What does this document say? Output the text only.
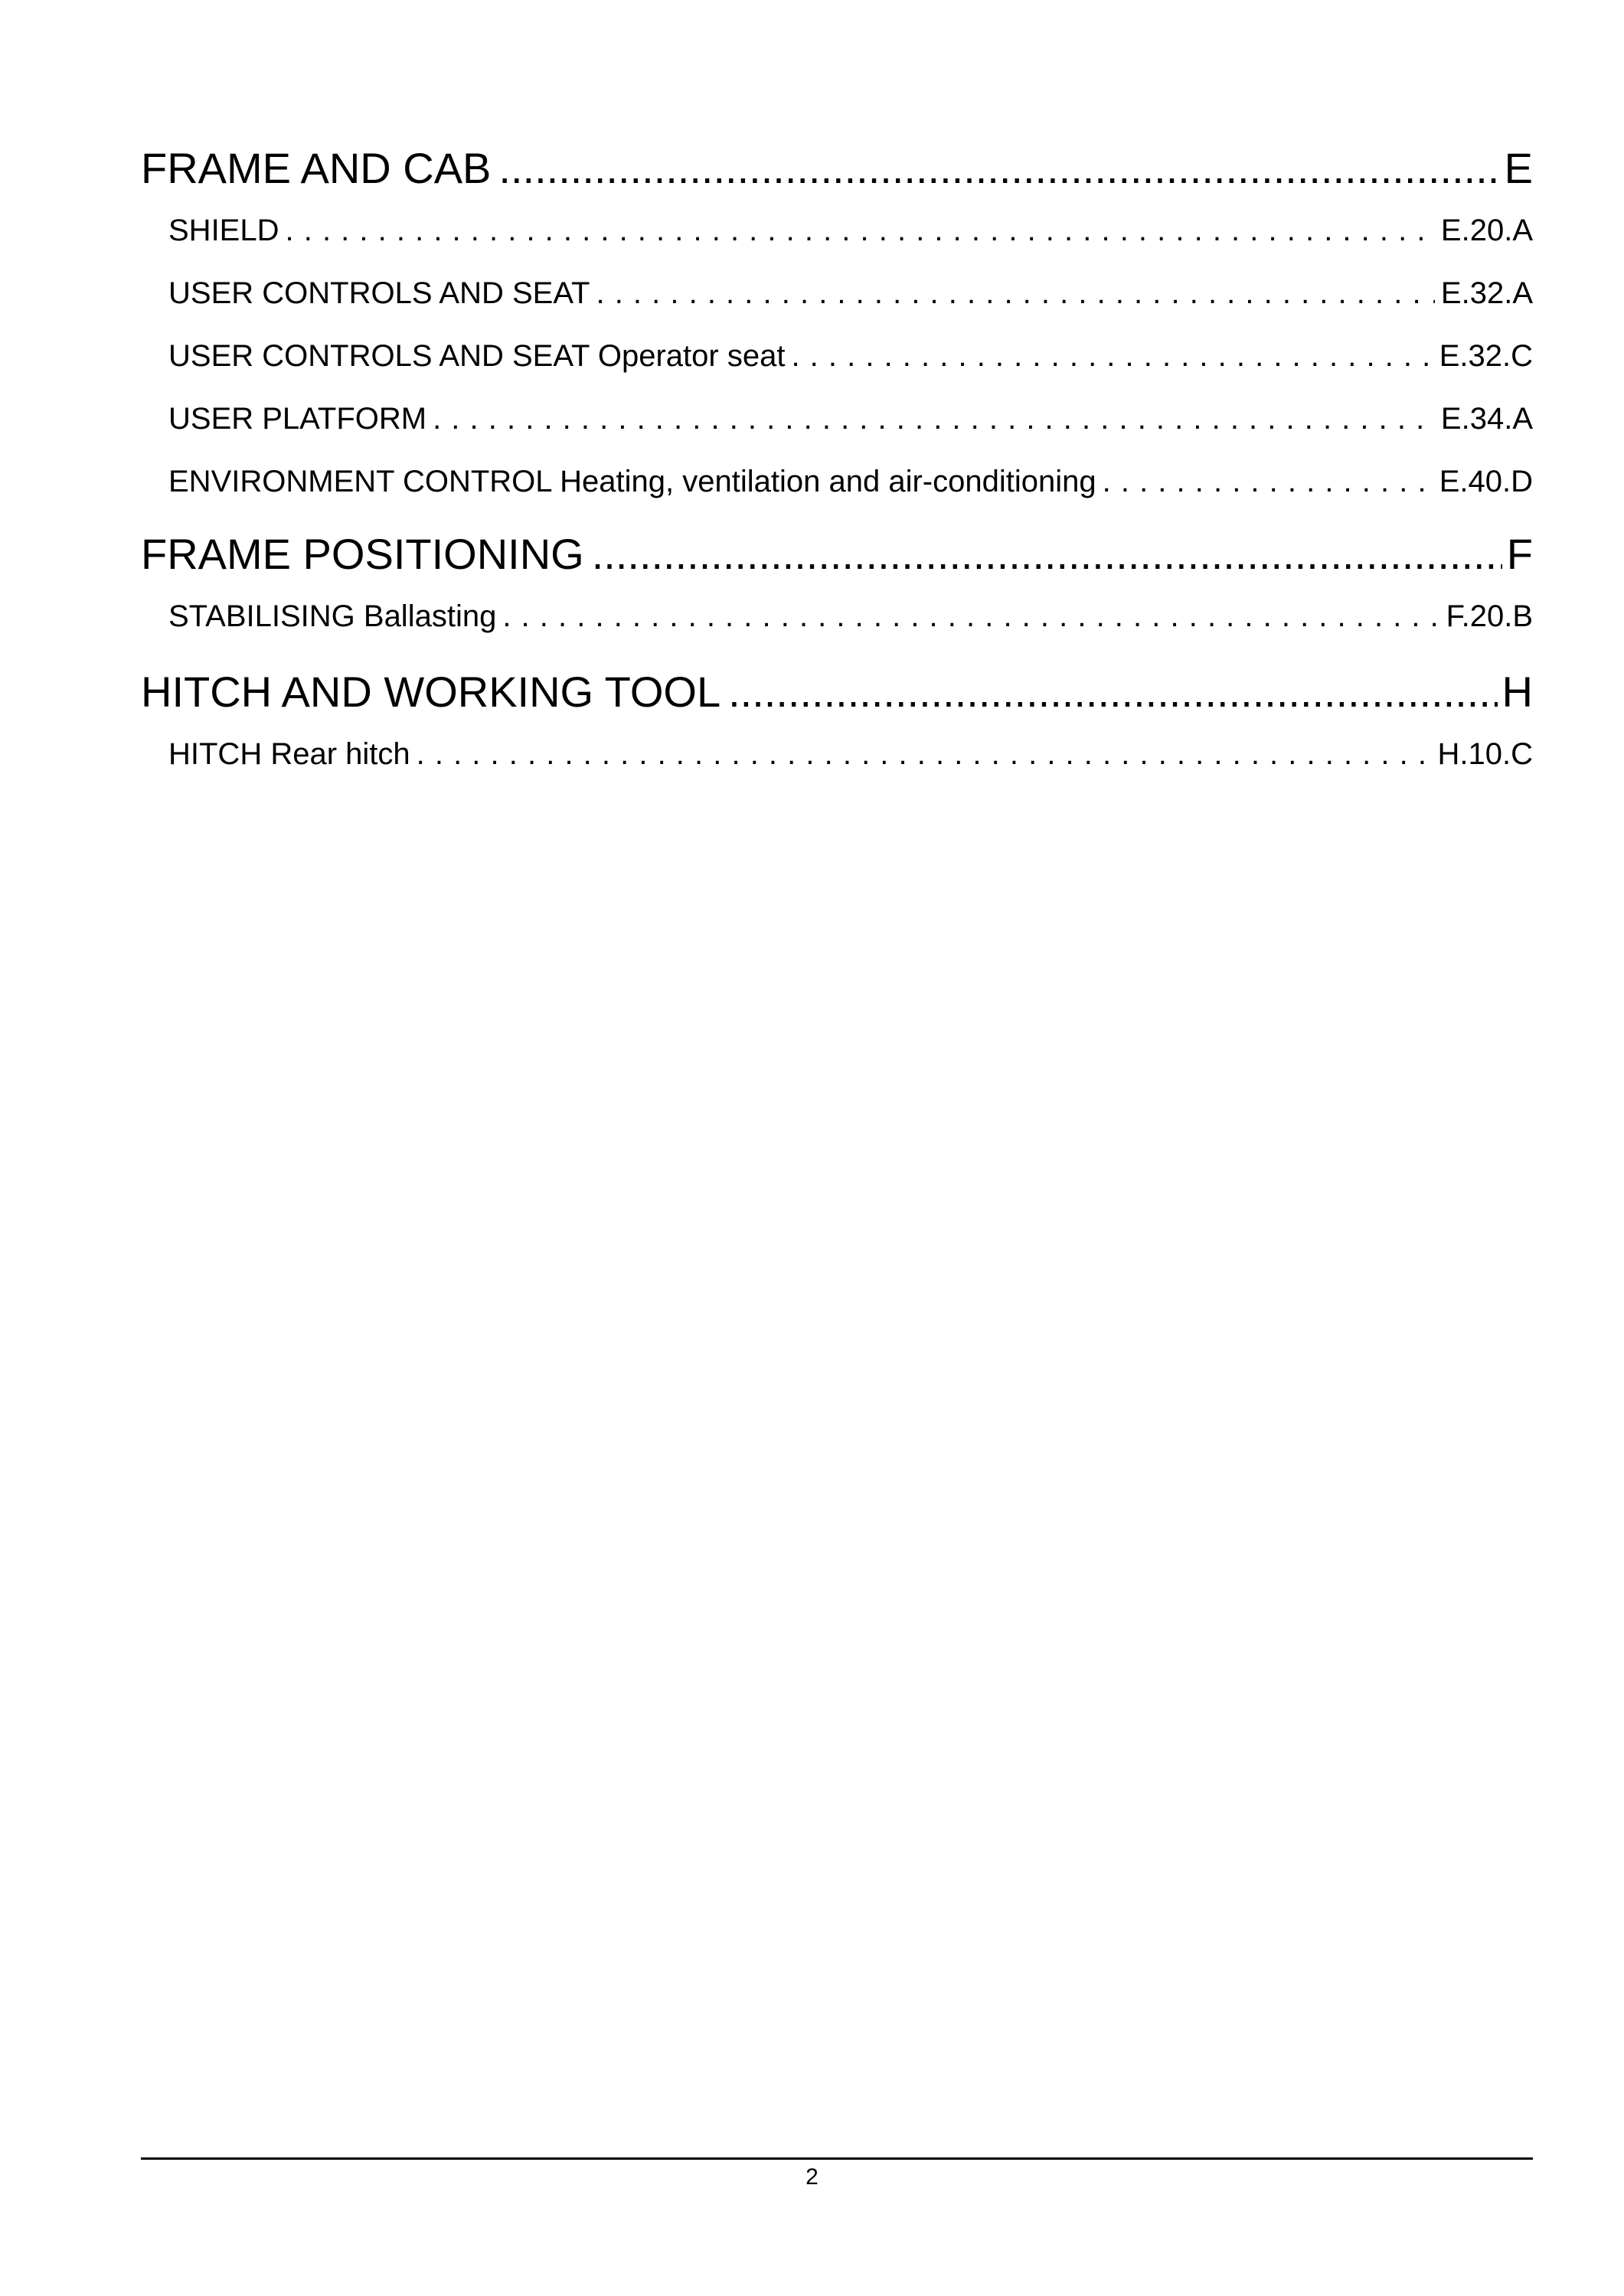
FRAME AND CAB .....	E
SHIELD . . .	E.20.A
USER CONTROLS AND SEAT . . .	E.32.A
USER CONTROLS AND SEAT Operator seat . . .	E.32.C
USER PLATFORM . . .	E.34.A
ENVIRONMENT CONTROL Heating, ventilation and air-conditioning . . .	E.40.D
FRAME POSITIONING .....	F
STABILISING Ballasting . . .	F.20.B
HITCH AND WORKING TOOL .....	H
HITCH Rear hitch . . .	H.10.C
2
